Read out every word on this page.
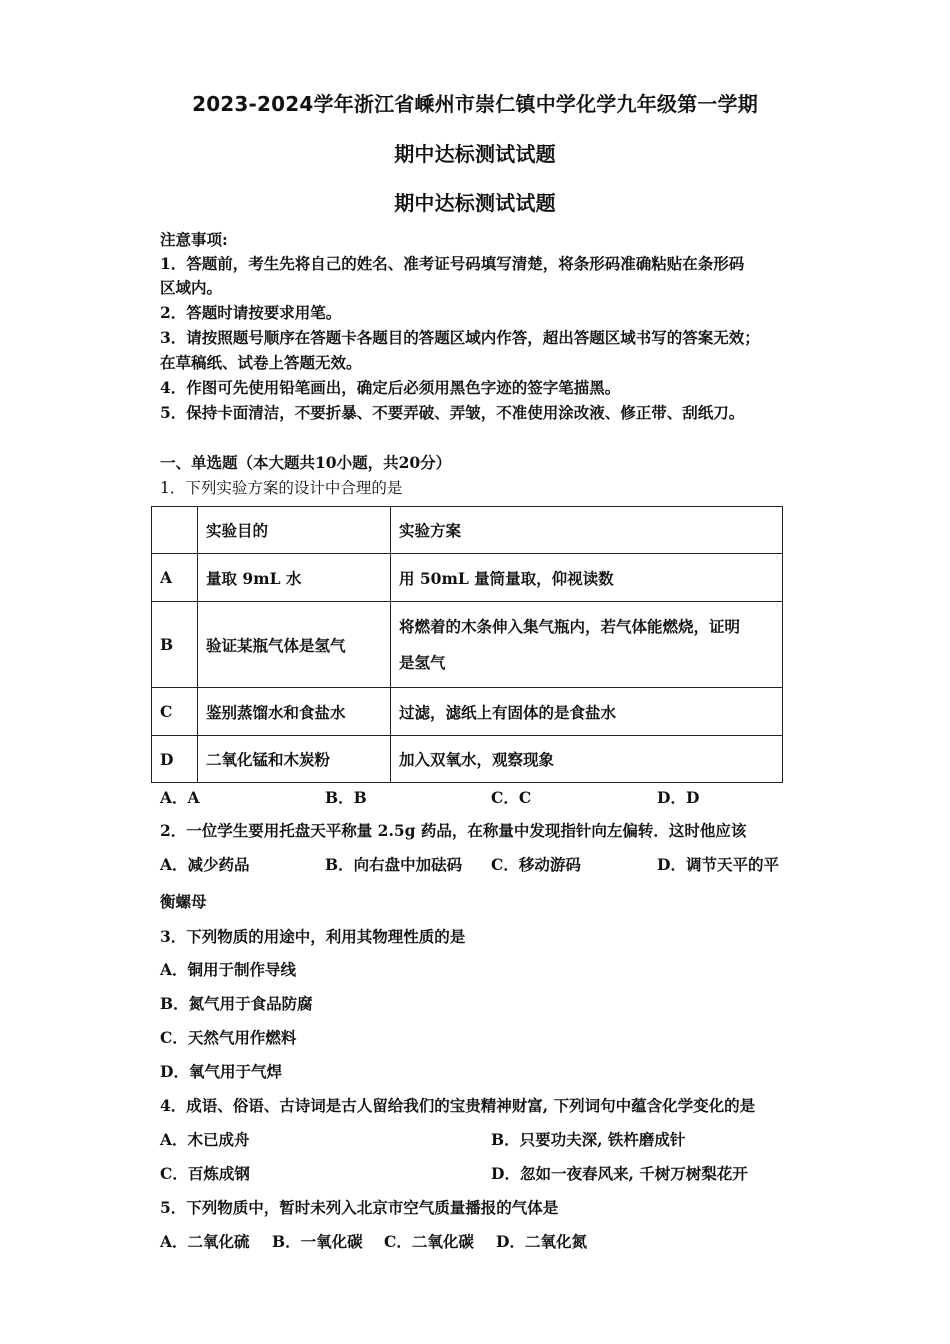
2023-2024学年浙江省嵊州市崇仁镇中学化学九年级第一学期
期中达标测试试题
期中达标测试试题
注意事项:
1．答题前，考生先将自己的姓名、准考证号码填写清楚，将条形码准确粘贴在条形码
区域内。
2．答题时请按要求用笔。
3．请按照题号顺序在答题卡各题目的答题区域内作答，超出答题区域书写的答案无效；
在草稿纸、试卷上答题无效。
4．作图可先使用铅笔画出，确定后必须用黑色字迹的签字笔描黑。
5．保持卡面清洁，不要折暴、不要弄破、弄皱，不准使用涂改液、修正带、刮纸刀。
一、单选题（本大题共10小题，共20分）
1．下列实验方案的设计中合理的是
	实验目的	实验方案
A	量取 9mL 水	用 50mL 量筒量取，仰视读数
B	验证某瓶气体是氢气	将燃着的木条伸入集气瓶内，若气体能燃烧，证明
是氢气

C	鉴别蒸馏水和食盐水	过滤，滤纸上有固体的是食盐水
D	二氧化锰和木炭粉	加入双氧水，观察现象
A．A	B．B	C．C	D．D
2．一位学生要用托盘天平称量 2.5g 药品，在称量中发现指针向左偏转．这时他应该
A．减少药品	B．向右盘中加砝码 C．移动游码	D．调节天平的平
衡螺母
3．下列物质的用途中，利用其物理性质的是
A．铜用于制作导线
B．氮气用于食品防腐
C．天然气用作燃料
D．氧气用于气焊
4．成语、俗语、古诗词是古人留给我们的宝贵精神财富, 下列词句中蕴含化学变化的是
A．木已成舟	B．只要功夫深, 铁杵磨成针
C．百炼成钢	D．忽如一夜春风来, 千树万树梨花开
5．下列物质中，暂时未列入北京市空气质量播报的气体是
A．二氧化硫 B．一氧化碳 C．二氧化碳 D．二氧化氮
